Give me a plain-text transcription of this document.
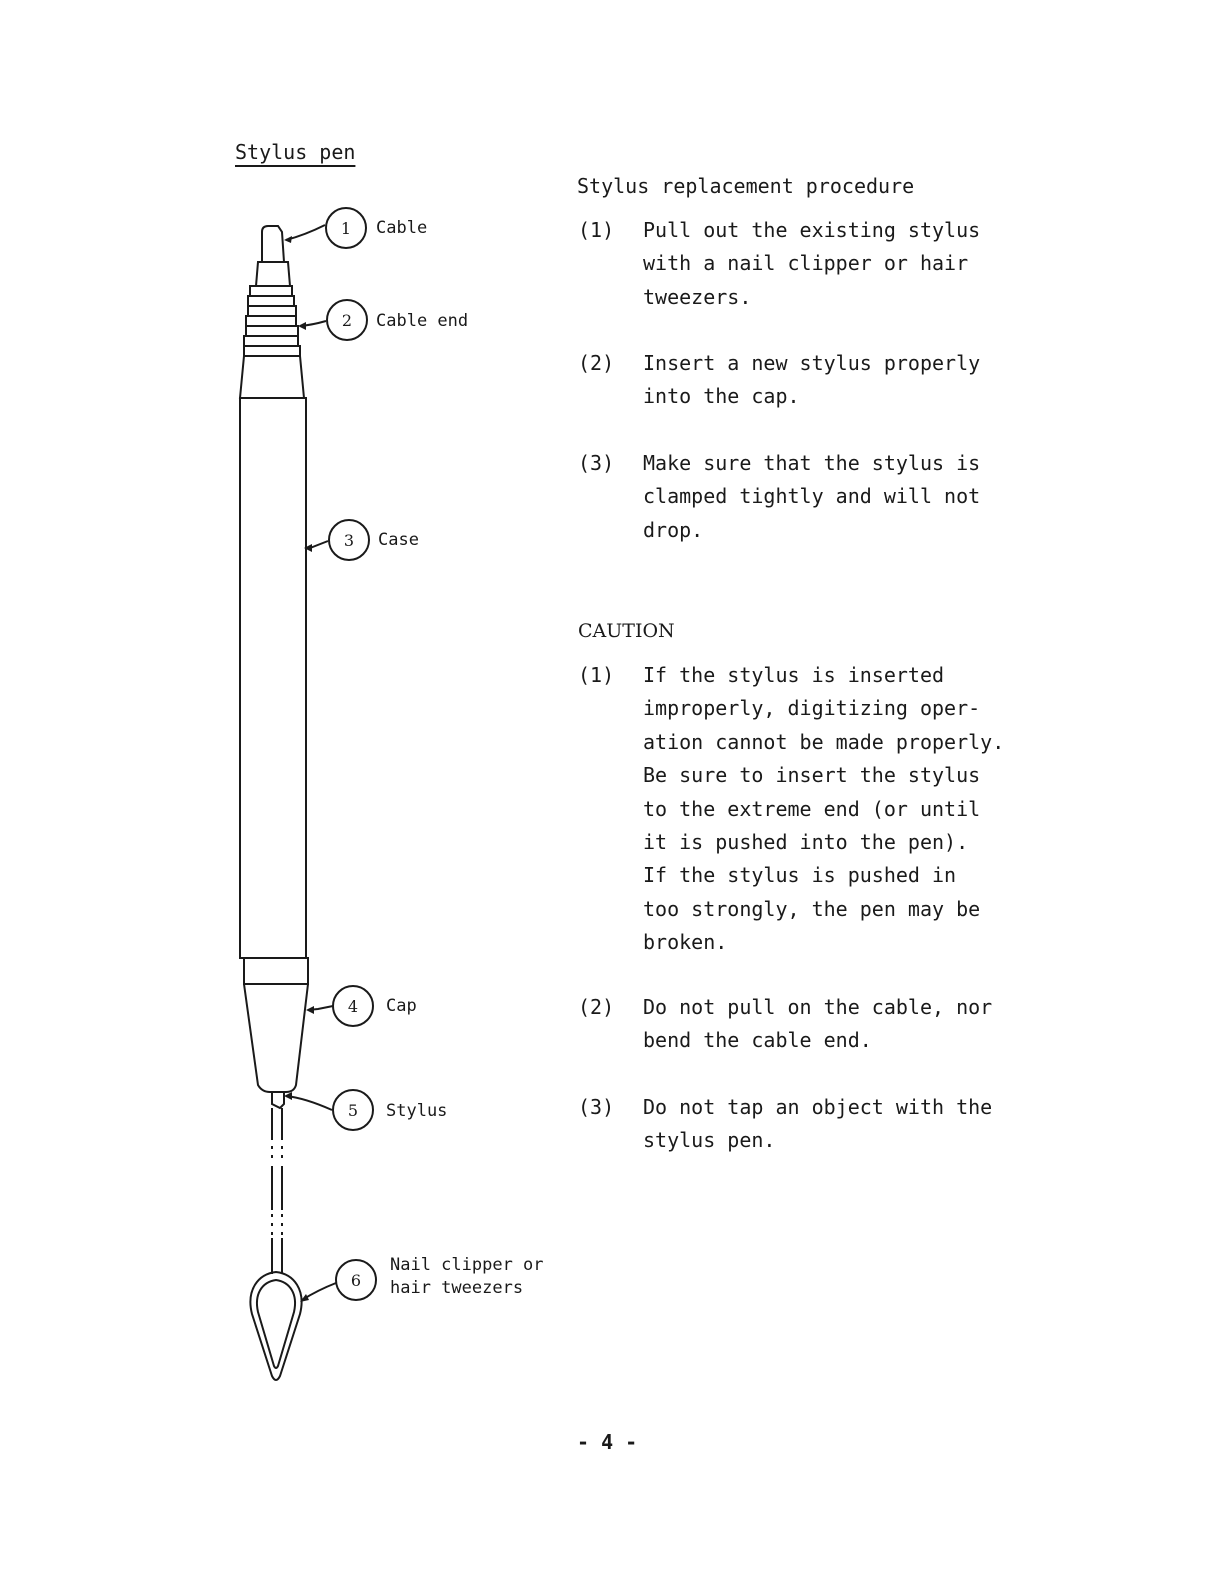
Stylus pen
1
2
3
4
5
6
Cable
Cable end
Case
Cap
Stylus
Nail clipper or
hair tweezers
Stylus replacement procedure
(1) Pull out the existing stylus
with a nail clipper or hair
tweezers.
(2) Insert a new stylus properly
into the cap.
(3) Make sure that the stylus is
clamped tightly and will not
drop.
CAUTION
(1) If the stylus is inserted
improperly, digitizing oper-
ation cannot be made properly.
Be sure to insert the stylus
to the extreme end (or until
it is pushed into the pen).
If the stylus is pushed in
too strongly, the pen may be
broken.
(2) Do not pull on the cable, nor
bend the cable end.
(3) Do not tap an object with the
stylus pen.
- 4 -
